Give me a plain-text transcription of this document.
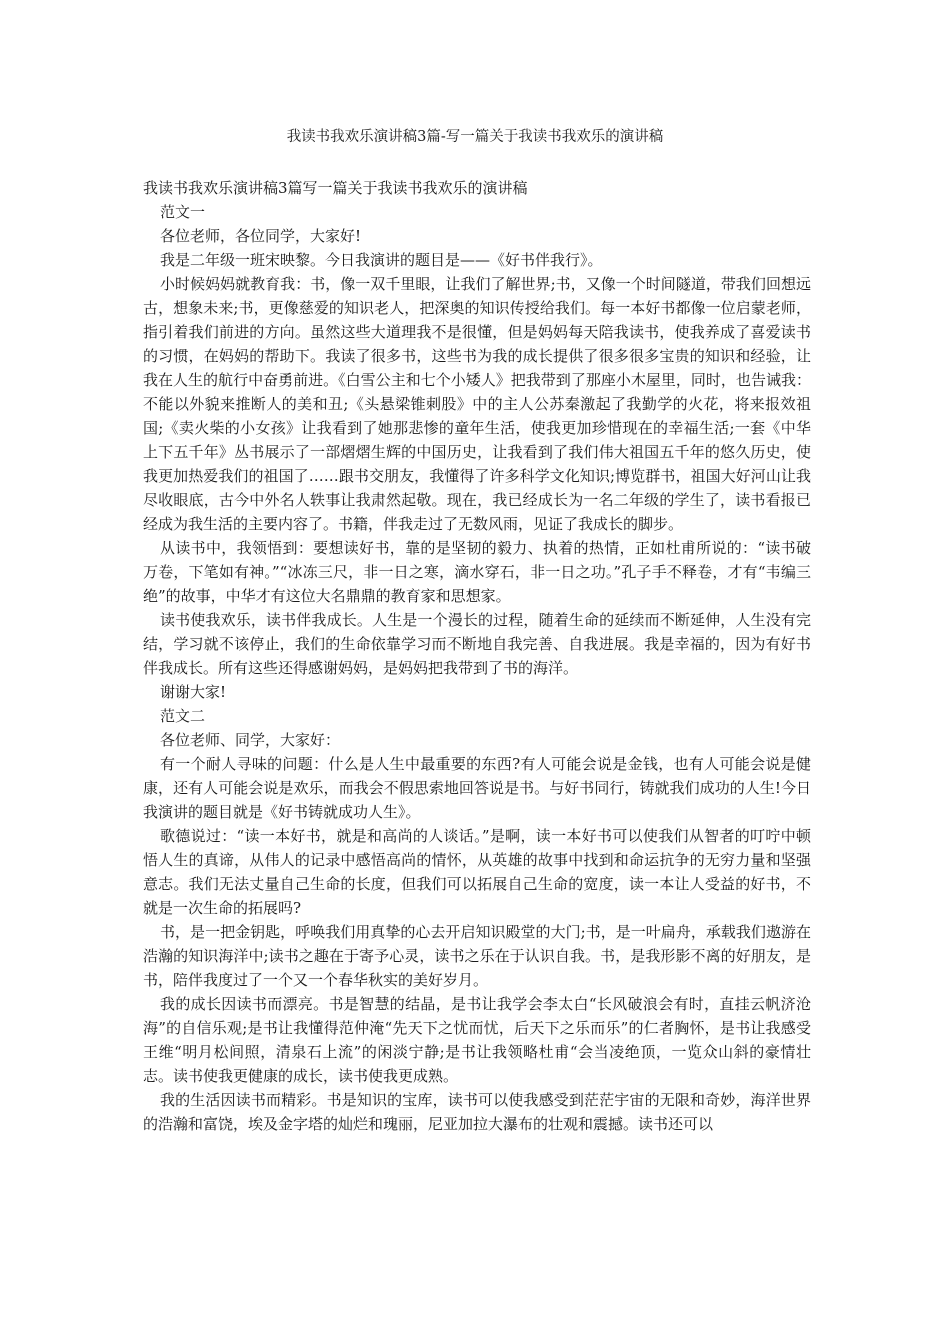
我读书我欢乐演讲稿3篇-写一篇关于我读书我欢乐的演讲稿

我读书我欢乐演讲稿3篇写一篇关于我读书我欢乐的演讲稿

范文一

各位老师，各位同学，大家好!

我是二年级一班宋映黎。今日我演讲的题目是——《好书伴我行》。

小时候妈妈就教育我：书，像一双千里眼，让我们了解世界;书，又像一个时间隧道，带我们回想远古，想象未来;书，更像慈爱的知识老人，把深奥的知识传授给我们。每一本好书都像一位启蒙老师，指引着我们前进的方向。虽然这些大道理我不是很懂，但是妈妈每天陪我读书，使我养成了喜爱读书的习惯，在妈妈的帮助下。我读了很多书，这些书为我的成长提供了很多很多宝贵的知识和经验，让我在人生的航行中奋勇前进。《白雪公主和七个小矮人》把我带到了那座小木屋里，同时，也告诫我：不能以外貌来推断人的美和丑;《头悬梁锥刺股》中的主人公苏秦激起了我勤学的火花，将来报效祖国;《卖火柴的小女孩》让我看到了她那悲惨的童年生活，使我更加珍惜现在的幸福生活;一套《中华上下五千年》丛书展示了一部熠熠生辉的中国历史，让我看到了我们伟大祖国五千年的悠久历史，使我更加热爱我们的祖国了……跟书交朋友，我懂得了许多科学文化知识;博览群书，祖国大好河山让我尽收眼底，古今中外名人轶事让我肃然起敬。现在，我已经成长为一名二年级的学生了，读书看报已经成为我生活的主要内容了。书籍，伴我走过了无数风雨，见证了我成长的脚步。

从读书中，我领悟到：要想读好书，靠的是坚韧的毅力、执着的热情，正如杜甫所说的：“读书破万卷，下笔如有神。”“冰冻三尺，非一日之寒，滴水穿石，非一日之功。”孔子手不释卷，才有“韦编三绝”的故事，中华才有这位大名鼎鼎的教育家和思想家。

读书使我欢乐，读书伴我成长。人生是一个漫长的过程，随着生命的延续而不断延伸，人生没有完结，学习就不该停止，我们的生命依靠学习而不断地自我完善、自我进展。我是幸福的，因为有好书伴我成长。所有这些还得感谢妈妈，是妈妈把我带到了书的海洋。

谢谢大家!

范文二

各位老师、同学，大家好：

有一个耐人寻味的问题：什么是人生中最重要的东西?有人可能会说是金钱，也有人可能会说是健康，还有人可能会说是欢乐，而我会不假思索地回答说是书。与好书同行，铸就我们成功的人生!今日我演讲的题目就是《好书铸就成功人生》。

歌德说过：“读一本好书，就是和高尚的人谈话。”是啊，读一本好书可以使我们从智者的叮咛中顿悟人生的真谛，从伟人的记录中感悟高尚的情怀，从英雄的故事中找到和命运抗争的无穷力量和坚强意志。我们无法丈量自己生命的长度，但我们可以拓展自己生命的宽度，读一本让人受益的好书，不就是一次生命的拓展吗?

书，是一把金钥匙，呼唤我们用真挚的心去开启知识殿堂的大门;书，是一叶扁舟，承载我们遨游在浩瀚的知识海洋中;读书之趣在于寄予心灵，读书之乐在于认识自我。书，是我形影不离的好朋友，是书，陪伴我度过了一个又一个春华秋实的美好岁月。

我的成长因读书而漂亮。书是智慧的结晶，是书让我学会李太白“长风破浪会有时，直挂云帆济沧海”的自信乐观;是书让我懂得范仲淹“先天下之忧而忧，后天下之乐而乐”的仁者胸怀，是书让我感受王维“明月松间照，清泉石上流”的闲淡宁静;是书让我领略杜甫“会当凌绝顶，一览众山斜的豪情壮志。读书使我更健康的成长，读书使我更成熟。

我的生活因读书而精彩。书是知识的宝库，读书可以使我感受到茫茫宇宙的无限和奇妙，海洋世界的浩瀚和富饶，埃及金字塔的灿烂和瑰丽，尼亚加拉大瀑布的壮观和震撼。读书还可以
